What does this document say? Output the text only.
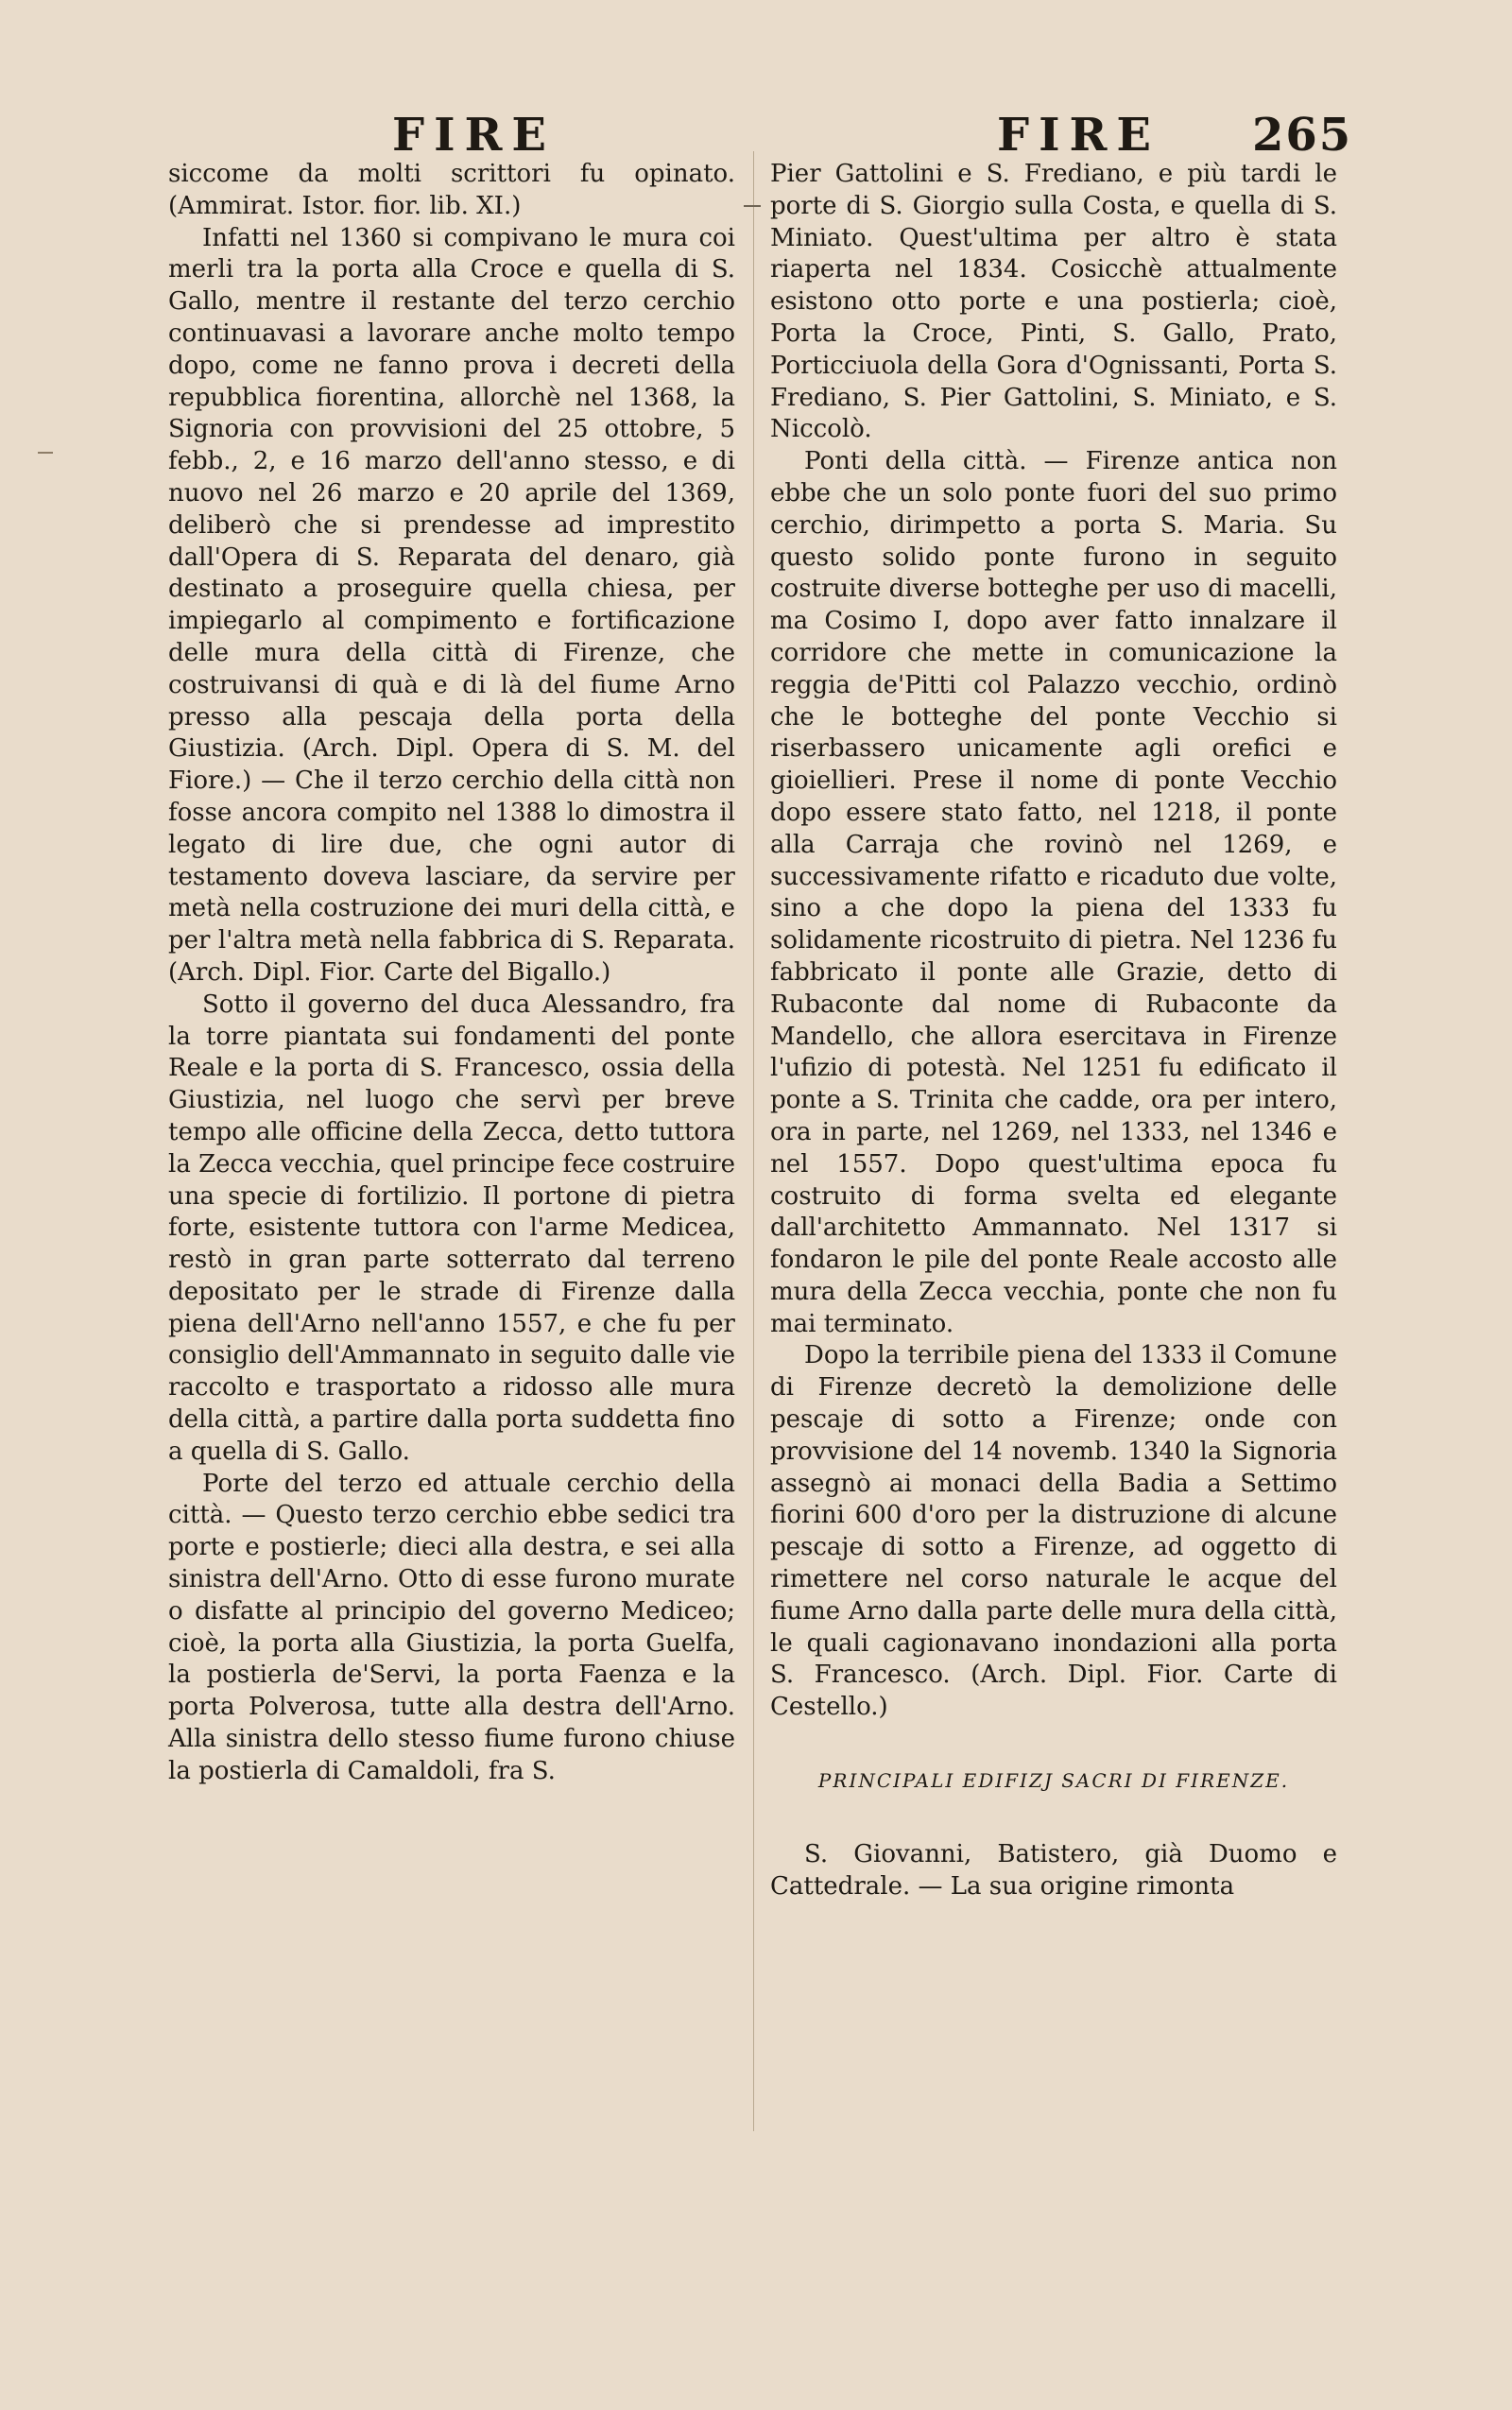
FIRE	FIRE 265

siccome da molti scrittori fu opinato. (Ammirat. Istor. fior. lib. XI.)

Infatti nel 1360 si compivano le mura coi merli tra la porta alla Croce e quella di S. Gallo, mentre il restante del terzo cerchio continuavasi a lavorare anche molto tempo dopo, come ne fanno prova i decreti della repubblica fiorentina, allorchè nel 1368, la Signoria con provvisioni del 25 ottobre, 5 febb., 2, e 16 marzo dell'anno stesso, e di nuovo nel 26 marzo e 20 aprile del 1369, deliberò che si prendesse ad imprestito dall'Opera di S. Reparata del denaro, già destinato a proseguire quella chiesa, per impiegarlo al compimento e fortificazione delle mura della città di Firenze, che costruivansi di quà e di là del fiume Arno presso alla pescaja della porta della Giustizia. (Arch. Dipl. Opera di S. M. del Fiore.) — Che il terzo cerchio della città non fosse ancora compito nel 1388 lo dimostra il legato di lire due, che ogni autor di testamento doveva lasciare, da servire per metà nella costruzione dei muri della città, e per l'altra metà nella fabbrica di S. Reparata. (Arch. Dipl. Fior. Carte del Bigallo.)

Sotto il governo del duca Alessandro, fra la torre piantata sui fondamenti del ponte Reale e la porta di S. Francesco, ossia della Giustizia, nel luogo che servì per breve tempo alle officine della Zecca, detto tuttora la Zecca vecchia, quel principe fece costruire una specie di fortilizio. Il portone di pietra forte, esistente tuttora con l'arme Medicea, restò in gran parte sotterrato dal terreno depositato per le strade di Firenze dalla piena dell'Arno nell'anno 1557, e che fu per consiglio dell'Ammannato in seguito dalle vie raccolto e trasportato a ridosso alle mura della città, a partire dalla porta suddetta fino a quella di S. Gallo.

Porte del terzo ed attuale cerchio della città. — Questo terzo cerchio ebbe sedici tra porte e postierle; dieci alla destra, e sei alla sinistra dell'Arno. Otto di esse furono murate o disfatte al principio del governo Mediceo; cioè, la porta alla Giustizia, la porta Guelfa, la postierla de'Servi, la porta Faenza e la porta Polverosa, tutte alla destra dell'Arno. Alla sinistra dello stesso fiume furono chiuse la postierla di Camaldoli, fra S.

Pier Gattolini e S. Frediano, e più tardi le porte di S. Giorgio sulla Costa, e quella di S. Miniato. Quest'ultima per altro è stata riaperta nel 1834. Cosicchè attualmente esistono otto porte e una postierla; cioè, Porta la Croce, Pinti, S. Gallo, Prato, Porticciuola della Gora d'Ognissanti, Porta S. Frediano, S. Pier Gattolini, S. Miniato, e S. Niccolò.

Ponti della città. — Firenze antica non ebbe che un solo ponte fuori del suo primo cerchio, dirimpetto a porta S. Maria. Su questo solido ponte furono in seguito costruite diverse botteghe per uso di macelli, ma Cosimo I, dopo aver fatto innalzare il corridore che mette in comunicazione la reggia de'Pitti col Palazzo vecchio, ordinò che le botteghe del ponte Vecchio si riserbassero unicamente agli orefici e gioiellieri. Prese il nome di ponte Vecchio dopo essere stato fatto, nel 1218, il ponte alla Carraja che rovinò nel 1269, e successivamente rifatto e ricaduto due volte, sino a che dopo la piena del 1333 fu solidamente ricostruito di pietra. Nel 1236 fu fabbricato il ponte alle Grazie, detto di Rubaconte dal nome di Rubaconte da Mandello, che allora esercitava in Firenze l'ufizio di potestà. Nel 1251 fu edificato il ponte a S. Trinita che cadde, ora per intero, ora in parte, nel 1269, nel 1333, nel 1346 e nel 1557. Dopo quest'ultima epoca fu costruito di forma svelta ed elegante dall'architetto Ammannato. Nel 1317 si fondaron le pile del ponte Reale accosto alle mura della Zecca vecchia, ponte che non fu mai terminato.

Dopo la terribile piena del 1333 il Comune di Firenze decretò la demolizione delle pescaje di sotto a Firenze; onde con provvisione del 14 novemb. 1340 la Signoria assegnò ai monaci della Badia a Settimo fiorini 600 d'oro per la distruzione di alcune pescaje di sotto a Firenze, ad oggetto di rimettere nel corso naturale le acque del fiume Arno dalla parte delle mura della città, le quali cagionavano inondazioni alla porta S. Francesco. (Arch. Dipl. Fior. Carte di Cestello.)

PRINCIPALI EDIFIZJ SACRI DI FIRENZE.

S. Giovanni, Batistero, già Duomo e Cattedrale. — La sua origine rimonta
